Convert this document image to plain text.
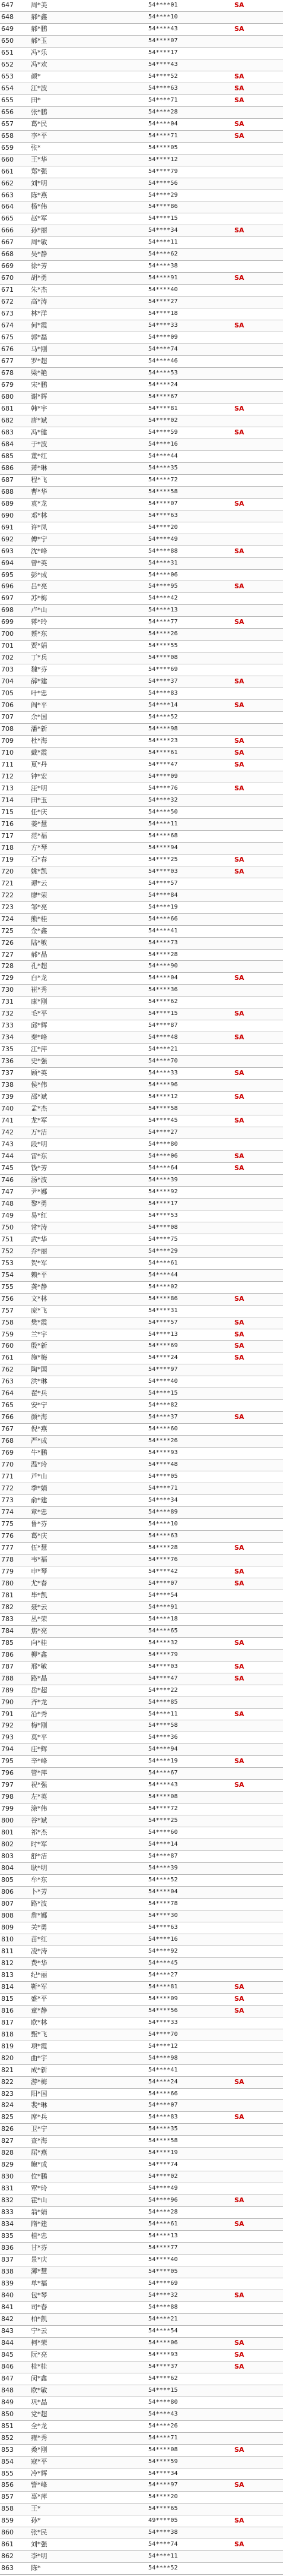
647	周*美	54****01	SA
648	郝*鑫	54****10
649	郝*鹏	54****43	SA
650	郝*玉	54****07
651	冯*乐	54****17
652	冯*欢	54****43
653	颜*	54****52	SA
654	江*波	54****63	SA
655	田*	54****71	SA
656	张*鹏	54****28
657	葛*民	54****04	SA
658	李*平	54****71	SA
659	张*	54****05
660	王*华	54****12
661	郑*强	54****79
662	刘*明	54****56
663	陈*燕	54****29
664	杨*伟	54****86
665	赵*军	54****15
666	孙*丽	54****34	SA
667	周*敏	54****11
668	吴*静	54****62
669	徐*芳	54****38
670	胡*勇	54****91	SA
671	朱*杰	54****40
672	高*涛	54****27
673	林*洋	54****18
674	何*霞	54****33	SA
675	郭*磊	54****09
676	马*刚	54****74
677	罗*超	54****46
678	梁*艳	54****53
679	宋*鹏	54****24
680	谢*辉	54****67
681	韩*宇	54****81	SA
682	唐*斌	54****02
683	冯*健	54****59	SA
684	于*波	54****16
685	董*红	54****44
686	萧*琳	54****35
687	程*飞	54****72
688	曹*华	54****58
689	袁*龙	54****07	SA
690	邓*林	54****63
691	许*凤	54****20
692	傅*宁	54****49
693	沈*峰	54****88	SA
694	曾*英	54****31
695	彭*成	54****06
696	吕*亮	54****95	SA
697	苏*梅	54****42
698	卢*山	54****13
699	蒋*玲	54****77	SA
700	蔡*东	54****26
701	贾*娟	54****55
702	丁*兵	54****08
703	魏*芬	54****69
704	薛*建	54****37	SA
705	叶*忠	54****83
706	阎*平	54****14	SA
707	余*国	54****52
708	潘*新	54****98
709	杜*海	54****23	SA
710	戴*霞	54****61	SA
711	夏*丹	54****47	SA
712	钟*宏	54****09
713	汪*明	54****76	SA
714	田*玉	54****32
715	任*庆	54****50
716	姜*慧	54****11
717	范*福	54****68
718	方*琴	54****94
719	石*春	54****25	SA
720	姚*凯	54****03	SA
721	谭*云	54****57
722	廖*荣	54****84
723	邹*亮	54****19
724	熊*桂	54****66
725	金*鑫	54****41
726	陆*敏	54****73
727	郝*晶	54****28
728	孔*超	54****90
729	白*龙	54****04	SA
730	崔*秀	54****36
731	康*刚	54****62
732	毛*平	54****15	SA
733	邱*辉	54****87
734	秦*峰	54****48	SA
735	江*萍	54****21
736	史*强	54****70
737	顾*英	54****33	SA
738	侯*伟	54****96
739	邵*斌	54****12	SA
740	孟*杰	54****58
741	龙*军	54****45	SA
742	万*洁	54****27
743	段*明	54****80
744	雷*东	54****06	SA
745	钱*芳	54****64	SA
746	汤*波	54****39
747	尹*娜	54****92
748	黎*勇	54****17
749	易*红	54****53
750	常*涛	54****08
751	武*华	54****75
752	乔*丽	54****29
753	贺*军	54****61
754	赖*平	54****44
755	龚*静	54****02
756	文*林	54****86	SA
757	庞*飞	54****31
758	樊*霞	54****57	SA
759	兰*宇	54****13	SA
760	殷*新	54****69	SA
761	施*梅	54****24	SA
762	陶*国	54****97
763	洪*琳	54****40
764	翟*兵	54****15
765	安*宁	54****82
766	颜*海	54****37	SA
767	倪*燕	54****60
768	严*成	54****26
769	牛*鹏	54****93
770	温*玲	54****48
771	芦*山	54****05
772	季*娟	54****71
773	俞*建	54****34
774	章*忠	54****89
775	鲁*芬	54****10
776	葛*庆	54****63
777	伍*慧	54****28	SA
778	韦*福	54****76
779	申*琴	54****42	SA
780	尤*春	54****07	SA
781	毕*凯	54****54
782	聂*云	54****91
783	丛*荣	54****18
784	焦*亮	54****65
785	向*桂	54****32	SA
786	柳*鑫	54****79
787	邢*敏	54****03	SA
788	路*晶	54****47	SA
789	岳*超	54****22
790	齐*龙	54****85
791	沿*秀	54****11	SA
792	梅*刚	54****58
793	莫*平	54****36
794	庄*辉	54****94
795	辛*峰	54****19	SA
796	管*萍	54****67
797	祝*强	54****43	SA
798	左*英	54****08
799	涂*伟	54****72
800	谷*斌	54****25
801	祁*杰	54****60
802	时*军	54****14
803	舒*洁	54****87
804	耿*明	54****39
805	牟*东	54****52
806	卜*芳	54****04
807	路*波	54****78
808	詹*娜	54****30
809	关*勇	54****63
810	苗*红	54****16
811	凌*涛	54****92
812	费*华	54****45
813	纪*丽	54****27
814	靳*军	54****81	SA
815	盛*平	54****09	SA
816	童*静	54****56	SA
817	欧*林	54****33
818	甄*飞	54****70
819	项*霞	54****12
820	曲*宇	54****98
821	成*新	54****41
822	游*梅	54****24	SA
823	阳*国	54****66
824	裴*琳	54****07
825	席*兵	54****83	SA
826	卫*宁	54****35
827	查*海	54****58
828	屈*燕	54****19
829	鲍*成	54****74
830	位*鹏	54****02
831	覃*玲	54****49
832	霍*山	54****96	SA
833	翁*娟	54****28
834	隋*建	54****61	SA
835	植*忠	54****13
836	甘*芬	54****77
837	景*庆	54****40
838	薄*慧	54****05
839	单*福	54****69
840	包*琴	54****32	SA
841	司*春	54****88
842	柏*凯	54****21
843	宁*云	54****54
844	柯*荣	54****06	SA
845	阮*亮	54****93	SA
846	桂*桂	54****37	SA
847	闵*鑫	54****62
848	欧*敏	54****15
849	巩*晶	54****80
850	党*超	54****43
851	全*龙	54****26
852	雍*秀	54****71
853	桑*刚	54****08	SA
854	寇*平	54****59
855	冷*辉	54****34
856	訾*峰	54****97	SA
857	辜*萍	54****20
858	王*	54****65
859	孙*	49****05	SA
860	张*民	54****38
861	刘*强	54****74	SA
862	李*明	54****11
863	陈*	54****52
